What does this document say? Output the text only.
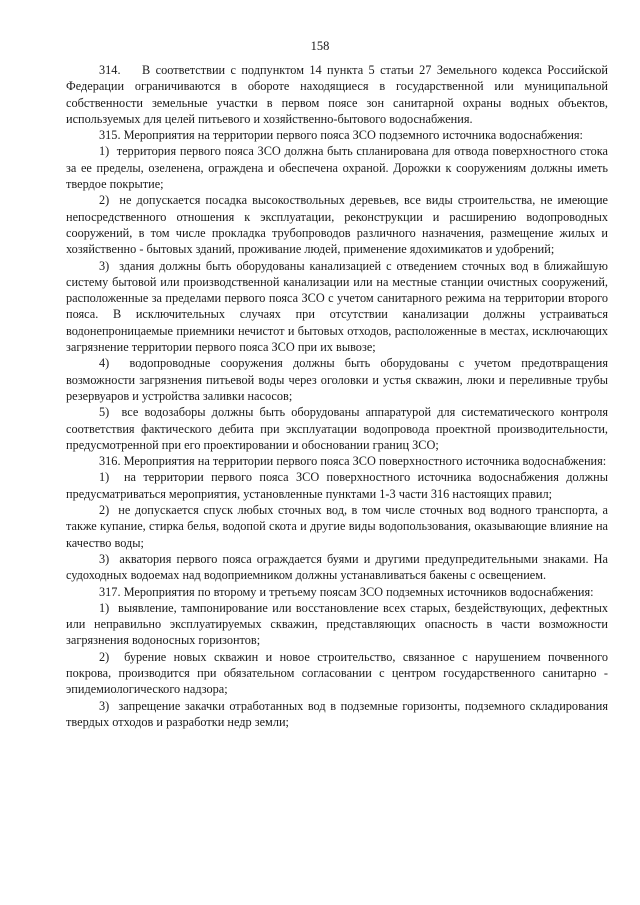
158

314.    В соответствии с подпунктом 14 пункта 5 статьи 27 Земельного кодекса Российской Федерации ограничиваются в обороте находящиеся в государственной или муниципальной собственности земельные участки в первом поясе зон санитарной охраны водных объектов, используемых для целей питьевого и хозяйственно-бытового водоснабжения.

315. Мероприятия на территории первого пояса ЗСО подземного источника водоснабжения:

1)  территория первого пояса ЗСО должна быть спланирована для отвода поверхностного стока за ее пределы, озеленена, ограждена и обеспечена охраной. Дорожки к сооружениям должны иметь твердое покрытие;

2)  не допускается посадка высокоствольных деревьев, все виды строительства, не имеющие непосредственного отношения к эксплуатации, реконструкции и расширению водопроводных сооружений, в том числе прокладка трубопроводов различного назначения, размещение жилых и хозяйственно - бытовых зданий, проживание людей, применение ядохимикатов и удобрений;

3)  здания должны быть оборудованы канализацией с отведением сточных вод в ближайшую систему бытовой или производственной канализации или на местные станции очистных сооружений, расположенные за пределами первого пояса ЗСО с учетом санитарного режима на территории второго пояса. В исключительных случаях при отсутствии канализации должны устраиваться водонепроницаемые приемники нечистот и бытовых отходов, расположенные в местах, исключающих загрязнение территории первого пояса ЗСО при их вывозе;

4)  водопроводные сооружения должны быть оборудованы с учетом предотвращения возможности загрязнения питьевой воды через оголовки и устья скважин, люки и переливные трубы резервуаров и устройства заливки насосов;

5)  все водозаборы должны быть оборудованы аппаратурой для систематического контроля соответствия фактического дебита при эксплуатации водопровода проектной производительности, предусмотренной при его проектировании и обосновании границ ЗСО;

316. Мероприятия на территории первого пояса ЗСО поверхностного источника водоснабжения:

1)  на территории первого пояса ЗСО поверхностного источника водоснабжения должны предусматриваться мероприятия, установленные пунктами 1-3 части 316 настоящих правил;

2)  не допускается спуск любых сточных вод, в том числе сточных вод водного транспорта, а также купание, стирка белья, водопой скота и другие виды водопользования, оказывающие влияние на качество воды;

3)  акватория первого пояса ограждается буями и другими предупредительными знаками. На судоходных водоемах над водоприемником должны устанавливаться бакены с освещением.

317. Мероприятия по второму и третьему поясам ЗСО подземных источников водоснабжения:

1)  выявление, тампонирование или восстановление всех старых, бездействующих, дефектных или неправильно эксплуатируемых скважин, представляющих опасность в части возможности загрязнения водоносных горизонтов;

2)  бурение новых скважин и новое строительство, связанное с нарушением почвенного покрова, производится при обязательном согласовании с центром государственного санитарно - эпидемиологического надзора;

3)  запрещение закачки отработанных вод в подземные горизонты, подземного складирования твердых отходов и разработки недр земли;
